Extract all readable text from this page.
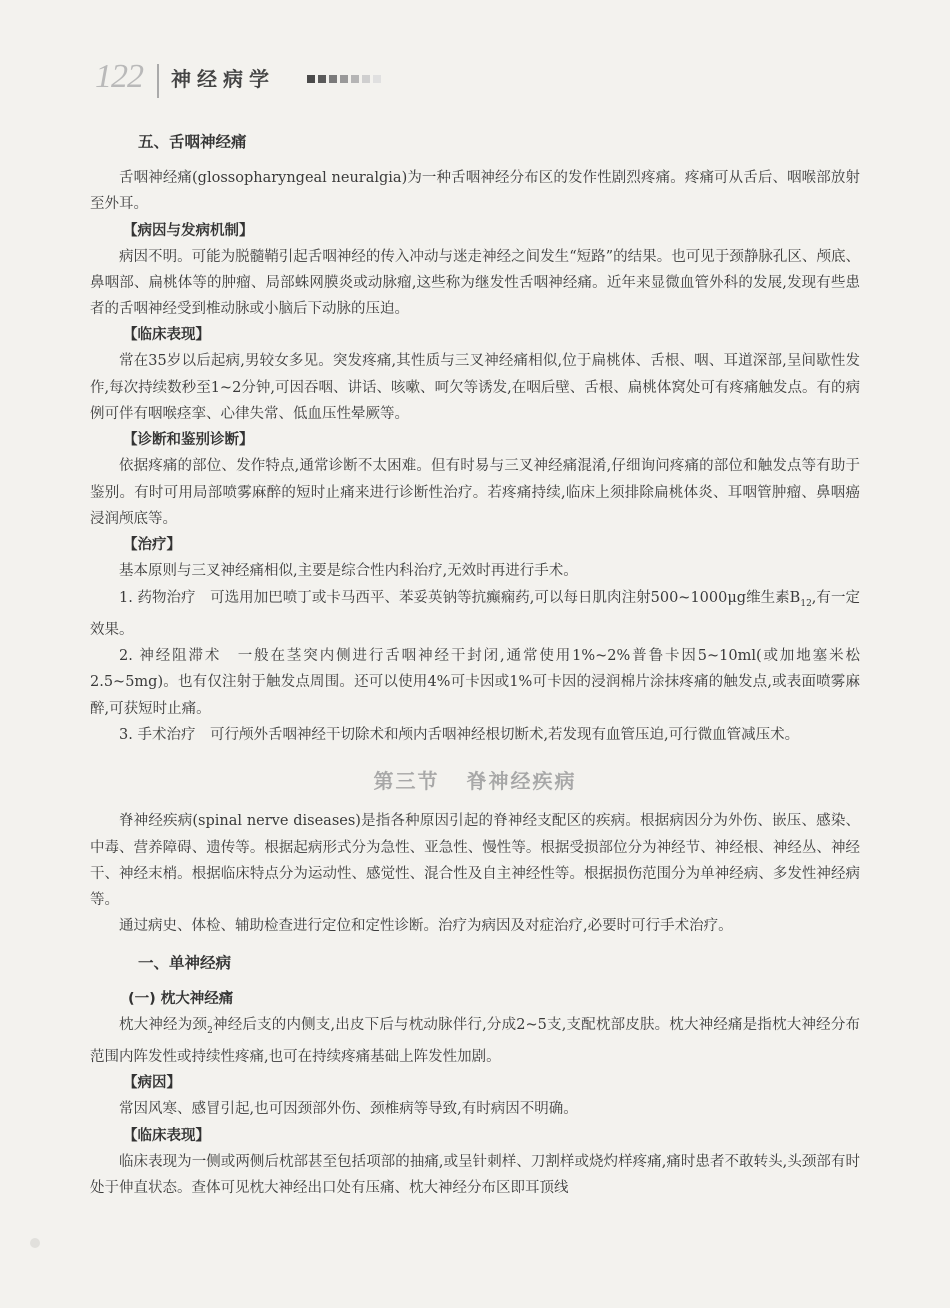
122 神经病学

五、舌咽神经痛

舌咽神经痛(glossopharyngeal neuralgia)为一种舌咽神经分布区的发作性剧烈疼痛。疼痛可从舌后、咽喉部放射至外耳。

【病因与发病机制】

病因不明。可能为脱髓鞘引起舌咽神经的传入冲动与迷走神经之间发生“短路”的结果。也可见于颈静脉孔区、颅底、鼻咽部、扁桃体等的肿瘤、局部蛛网膜炎或动脉瘤,这些称为继发性舌咽神经痛。近年来显微血管外科的发展,发现有些患者的舌咽神经受到椎动脉或小脑后下动脉的压迫。

【临床表现】

常在35岁以后起病,男较女多见。突发疼痛,其性质与三叉神经痛相似,位于扁桃体、舌根、咽、耳道深部,呈间歇性发作,每次持续数秒至1~2分钟,可因吞咽、讲话、咳嗽、呵欠等诱发,在咽后壁、舌根、扁桃体窝处可有疼痛触发点。有的病例可伴有咽喉痉挛、心律失常、低血压性晕厥等。

【诊断和鉴别诊断】

依据疼痛的部位、发作特点,通常诊断不太困难。但有时易与三叉神经痛混淆,仔细询问疼痛的部位和触发点等有助于鉴别。有时可用局部喷雾麻醉的短时止痛来进行诊断性治疗。若疼痛持续,临床上须排除扁桃体炎、耳咽管肿瘤、鼻咽癌浸润颅底等。

【治疗】

基本原则与三叉神经痛相似,主要是综合性内科治疗,无效时再进行手术。

1. 药物治疗  可选用加巴喷丁或卡马西平、苯妥英钠等抗癫痫药,可以每日肌肉注射500~1000μg维生素$B_{12}$,有一定效果。

2. 神经阻滞术  一般在茎突内侧进行舌咽神经干封闭,通常使用1%~2%普鲁卡因5~10ml(或加地塞米松2.5~5mg)。也有仅注射于触发点周围。还可以使用4%可卡因或1%可卡因的浸润棉片涂抹疼痛的触发点,或表面喷雾麻醉,可获短时止痛。

3. 手术治疗  可行颅外舌咽神经干切除术和颅内舌咽神经根切断术,若发现有血管压迫,可行微血管减压术。

第三节 脊神经疾病

脊神经疾病(spinal nerve diseases)是指各种原因引起的脊神经支配区的疾病。根据病因分为外伤、嵌压、感染、中毒、营养障碍、遗传等。根据起病形式分为急性、亚急性、慢性等。根据受损部位分为神经节、神经根、神经丛、神经干、神经末梢。根据临床特点分为运动性、感觉性、混合性及自主神经性等。根据损伤范围分为单神经病、多发性神经病等。

通过病史、体检、辅助检查进行定位和定性诊断。治疗为病因及对症治疗,必要时可行手术治疗。

一、单神经病

(一) 枕大神经痛

枕大神经为颈$_2$神经后支的内侧支,出皮下后与枕动脉伴行,分成2~5支,支配枕部皮肤。枕大神经痛是指枕大神经分布范围内阵发性或持续性疼痛,也可在持续疼痛基础上阵发性加剧。

【病因】

常因风寒、感冒引起,也可因颈部外伤、颈椎病等导致,有时病因不明确。

【临床表现】

临床表现为一侧或两侧后枕部甚至包括项部的抽痛,或呈针刺样、刀割样或烧灼样疼痛,痛时患者不敢转头,头颈部有时处于伸直状态。查体可见枕大神经出口处有压痛、枕大神经分布区即耳顶线
